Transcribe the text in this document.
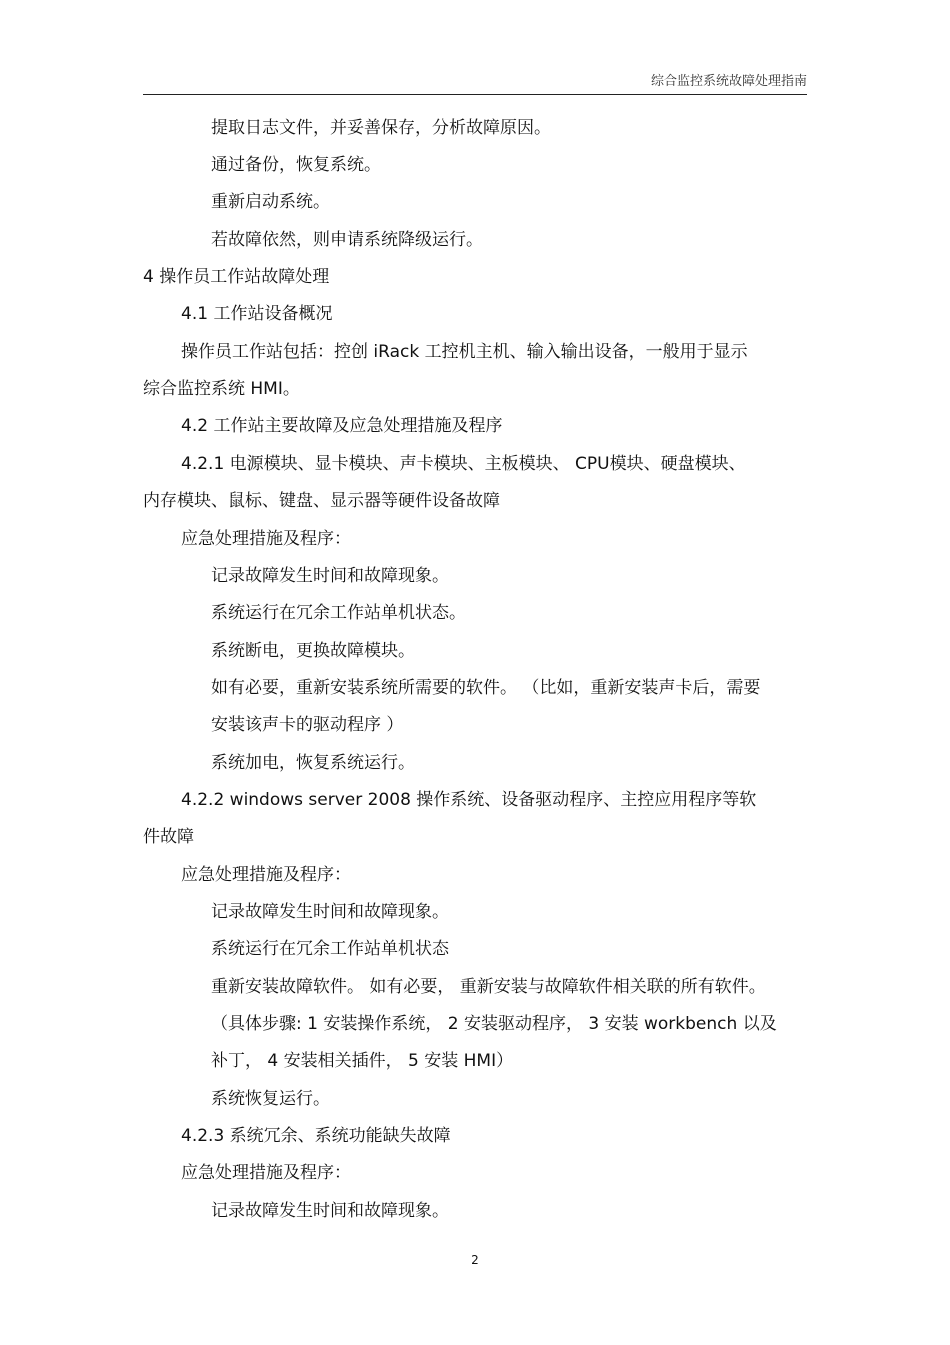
综合监控系统故障处理指南
提取日志文件，并妥善保存，分析故障原因。
通过备份，恢复系统。
重新启动系统。
若故障依然，则申请系统降级运行。
4 操作员工作站故障处理
4.1 工作站设备概况
操作员工作站包括：控创 iRack 工控机主机、输入输出设备，一般用于显示
综合监控系统 HMI。
4.2 工作站主要故障及应急处理措施及程序
4.2.1 电源模块、显卡模块、声卡模块、主板模块、 CPU模块、硬盘模块、
内存模块、鼠标、键盘、显示器等硬件设备故障
应急处理措施及程序：
记录故障发生时间和故障现象。
系统运行在冗余工作站单机状态。
系统断电，更换故障模块。
如有必要，重新安装系统所需要的软件。 （比如，重新安装声卡后，需要
安装该声卡的驱动程序 ）
系统加电，恢复系统运行。
4.2.2 windows server 2008 操作系统、设备驱动程序、主控应用程序等软
件故障
应急处理措施及程序：
记录故障发生时间和故障现象。
系统运行在冗余工作站单机状态
重新安装故障软件。 如有必要， 重新安装与故障软件相关联的所有软件。
（具体步骤: 1 安装操作系统， 2 安装驱动程序， 3 安装 workbench 以及
补丁， 4 安装相关插件， 5 安装 HMI）
系统恢复运行。
4.2.3 系统冗余、系统功能缺失故障
应急处理措施及程序：
记录故障发生时间和故障现象。
2
